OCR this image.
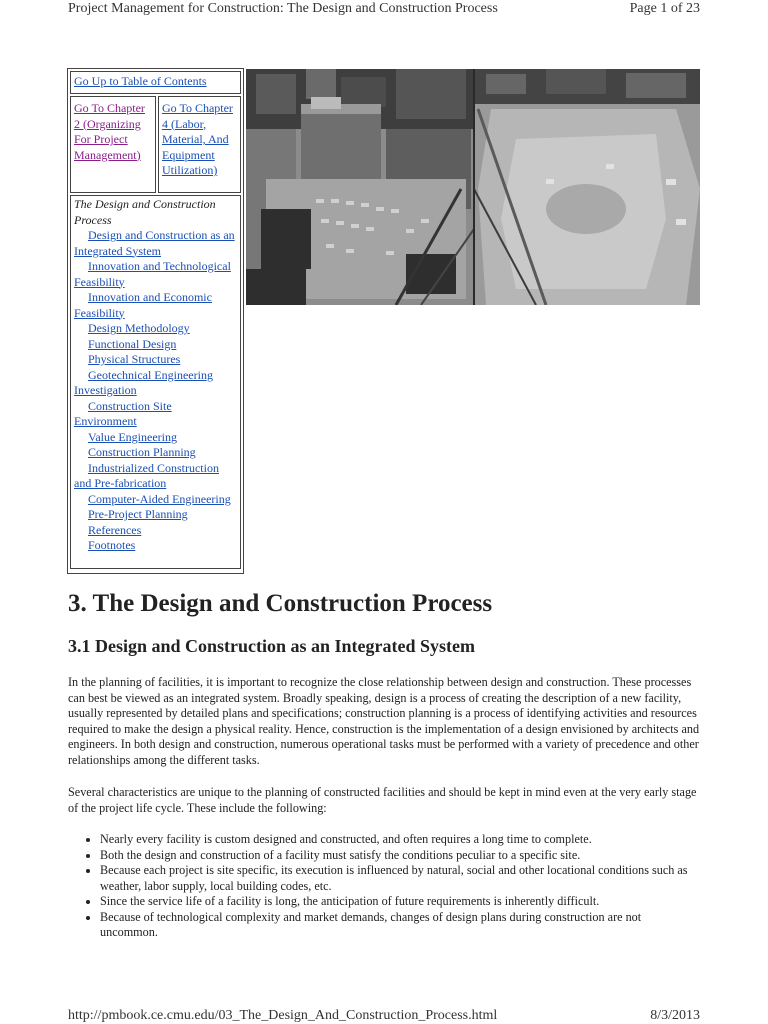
Project Management for Construction: The Design and Construction Process	Page 1 of 23
Go Up to Table of Contents
Go To Chapter 2 (Organizing For Project Management)
Go To Chapter 4 (Labor, Material, And Equipment Utilization)
The Design and Construction Process
Design and Construction as an Integrated System
Innovation and Technological Feasibility
Innovation and Economic Feasibility
Design Methodology
Functional Design
Physical Structures
Geotechnical Engineering Investigation
Construction Site Environment
Value Engineering
Construction Planning
Industrialized Construction and Pre-fabrication
Computer-Aided Engineering
Pre-Project Planning
References
Footnotes
3. The Design and Construction Process
3.1 Design and Construction as an Integrated System
In the planning of facilities, it is important to recognize the close relationship between design and construction. These processes can best be viewed as an integrated system. Broadly speaking, design is a process of creating the description of a new facility, usually represented by detailed plans and specifications; construction planning is a process of identifying activities and resources required to make the design a physical reality. Hence, construction is the implementation of a design envisioned by architects and engineers. In both design and construction, numerous operational tasks must be performed with a variety of precedence and other relationships among the different tasks.
Several characteristics are unique to the planning of constructed facilities and should be kept in mind even at the very early stage of the project life cycle. These include the following:
• Nearly every facility is custom designed and constructed, and often requires a long time to complete.
• Both the design and construction of a facility must satisfy the conditions peculiar to a specific site.
• Because each project is site specific, its execution is influenced by natural, social and other locational conditions such as weather, labor supply, local building codes, etc.
• Since the service life of a facility is long, the anticipation of future requirements is inherently difficult.
• Because of technological complexity and market demands, changes of design plans during construction are not uncommon.
http://pmbook.ce.cmu.edu/03_The_Design_And_Construction_Process.html	8/3/2013
